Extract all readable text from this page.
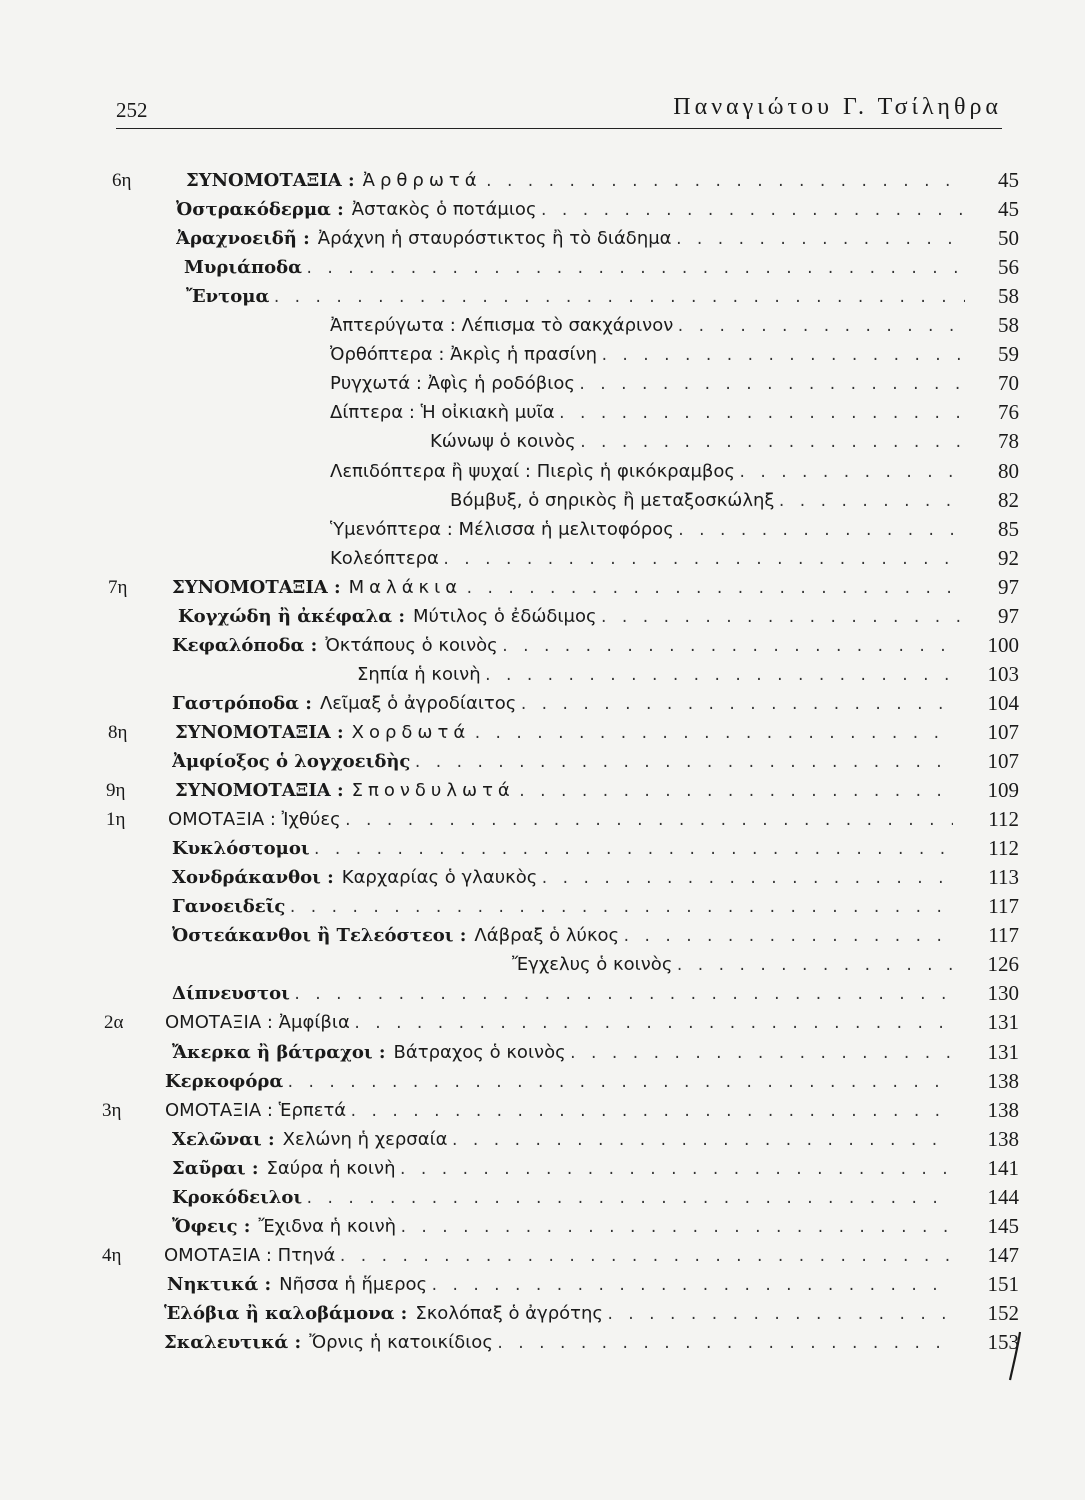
252	Παναγιώτου Γ. Τσίληθρα
6η	ΣΥΝΟΜΟΤΑΞΙΑ : Ἀρθρωτά . . .	45
Ὀστρακόδερμα : Ἀστακὸς ὁ ποτάμιος . . .	45
Ἀραχνοειδῆ : Ἀράχνη ἡ σταυρόστικτος ἢ τὸ διάδημα . . .	50
Μυριάποδα . . .	56
Ἔντομα . . .	58
Ἀπτερύγωτα : Λέπισμα τὸ σακχάρινον . . .	58
Ὀρθόπτερα : Ἀκρὶς ἡ πρασίνη . . .	59
Ρυγχωτά : Ἀφὶς ἡ ροδόβιος . . .	70
Δίπτερα : Ἡ οἰκιακὴ μυῖα . . .	76
Κώνωψ ὁ κοινὸς . . .	78
Λεπιδόπτερα ἢ ψυχαί : Πιερὶς ἡ φικόκραμβος . . .	80
Βόμβυξ, ὁ σηρικὸς ἢ μεταξοσκώληξ . . .	82
Ὑμενόπτερα : Μέλισσα ἡ μελιτοφόρος . . .	85
Κολεόπτερα . . .	92
7η ΣΥΝΟΜΟΤΑΞΙΑ : Μαλάκια . . .	97
Κογχώδη ἢ ἀκέφαλα : Μύτιλος ὁ ἐδώδιμος . . .	97
Κεφαλόποδα : Ὀκτάπους ὁ κοινὸς . . .	100
Σηπία ἡ κοινὴ . . .	103
Γαστρόποδα : Λεῖμαξ ὁ ἀγροδίαιτος . . .	104
8η	ΣΥΝΟΜΟΤΑΞΙΑ : Χορδωτά . . .	107
Ἀμφίοξος ὁ λογχοειδὴς . . .	107
9η	ΣΥΝΟΜΟΤΑΞΙΑ : Σπονδυλωτά . . .	109
1η ΟΜΟΤΑΞΙΑ : Ἰχθύες . . .	112
Κυκλόστομοι . . .	112
Χονδράκανθοι : Καρχαρίας ὁ γλαυκὸς . . .	113
Γανοειδεῖς . . .	117
Ὀστεάκανθοι ἢ Τελεόστεοι : Λάβραξ ὁ λύκος . . .	117
Ἔγχελυς ὁ κοινὸς . . .	126
Δίπνευστοι . . .	130
2α ΟΜΟΤΑΞΙΑ : Ἀμφίβια . . .	131
Ἄκερκα ἢ βάτραχοι : Βάτραχος ὁ κοινὸς . . .	131
Κερκοφόρα . . .	138
3η ΟΜΟΤΑΞΙΑ : Ἑρπετά . . .	138
Χελῶναι : Χελώνη ἡ χερσαία . . .	138
Σαῦραι : Σαύρα ἡ κοινὴ . . .	141
Κροκόδειλοι . . .	144
Ὄφεις : Ἔχιδνα ἡ κοινὴ . . .	145
4η ΟΜΟΤΑΞΙΑ : Πτηνά . . .	147
Νηκτικά : Νῆσσα ἡ ἥμερος . . .	151
Ἑλόβια ἢ καλοβάμονα : Σκολόπαξ ὁ ἀγρότης . . .	152
Σκαλευτικά : Ὄρνις ἡ κατοικίδιος . . .	153
